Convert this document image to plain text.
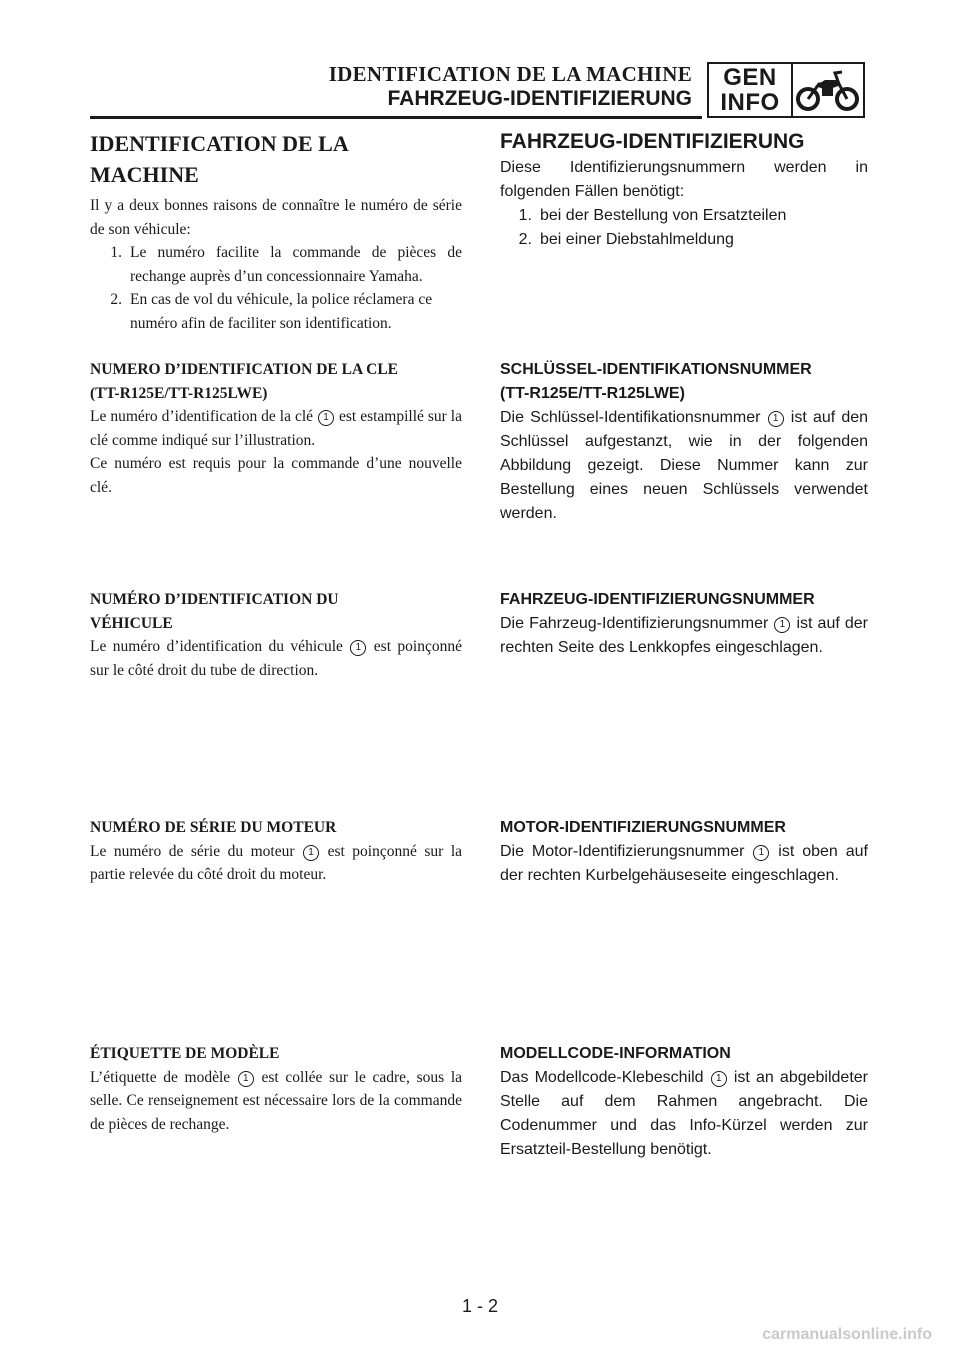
IDENTIFICATION DE LA MACHINE
FAHRZEUG-IDENTIFIZIERUNG
GEN
INFO
IDENTIFICATION DE LA
MACHINE

Il y a deux bonnes raisons de connaître le numéro de série de son véhicule:

1. Le numéro facilite la commande de pièces de rechange auprès d’un concessionnaire Yamaha.
2. En cas de vol du véhicule, la police réclamera ce numéro afin de faciliter son identification.
NUMERO D’IDENTIFICATION DE LA CLE
(TT-R125E/TT-R125LWE)

Le numéro d’identification de la clé 1 est estampillé sur la clé comme indiqué sur l’illustration.

Ce numéro est requis pour la commande d’une nouvelle clé.

NUMÉRO D’IDENTIFICATION DU
VÉHICULE

Le numéro d’identification du véhicule 1 est poinçonné sur le côté droit du tube de direction.

NUMÉRO DE SÉRIE DU MOTEUR

Le numéro de série du moteur 1 est poinçonné sur la partie relevée du côté droit du moteur.

ÉTIQUETTE DE MODÈLE

L’étiquette de modèle 1 est collée sur le cadre, sous la selle. Ce renseignement est nécessaire lors de la commande de pièces de rechange.

FAHRZEUG-IDENTIFIZIERUNG

Diese Identifizierungsnummern werden in folgenden Fällen benötigt:

1. bei der Bestellung von Ersatzteilen
2. bei einer Diebstahlmeldung
SCHLÜSSEL-IDENTIFIKATIONSNUMMER
(TT-R125E/TT-R125LWE)

Die Schlüssel-Identifikationsnummer 1 ist auf den Schlüssel aufgestanzt, wie in der folgenden Abbildung gezeigt. Diese Nummer kann zur Bestellung eines neuen Schlüssels verwendet werden.

FAHRZEUG-IDENTIFIZIERUNGSNUMMER

Die Fahrzeug-Identifizierungsnummer 1 ist auf der rechten Seite des Lenkkopfes eingeschlagen.

MOTOR-IDENTIFIZIERUNGSNUMMER

Die Motor-Identifizierungsnummer 1 ist oben auf der rechten Kurbelgehäuseseite eingeschlagen.

MODELLCODE-INFORMATION

Das Modellcode-Klebeschild 1 ist an abgebildeter Stelle auf dem Rahmen angebracht. Die Codenummer und das Info-Kürzel werden zur Ersatzteil-Bestellung benötigt.

1 - 2
carmanualsonline.info
